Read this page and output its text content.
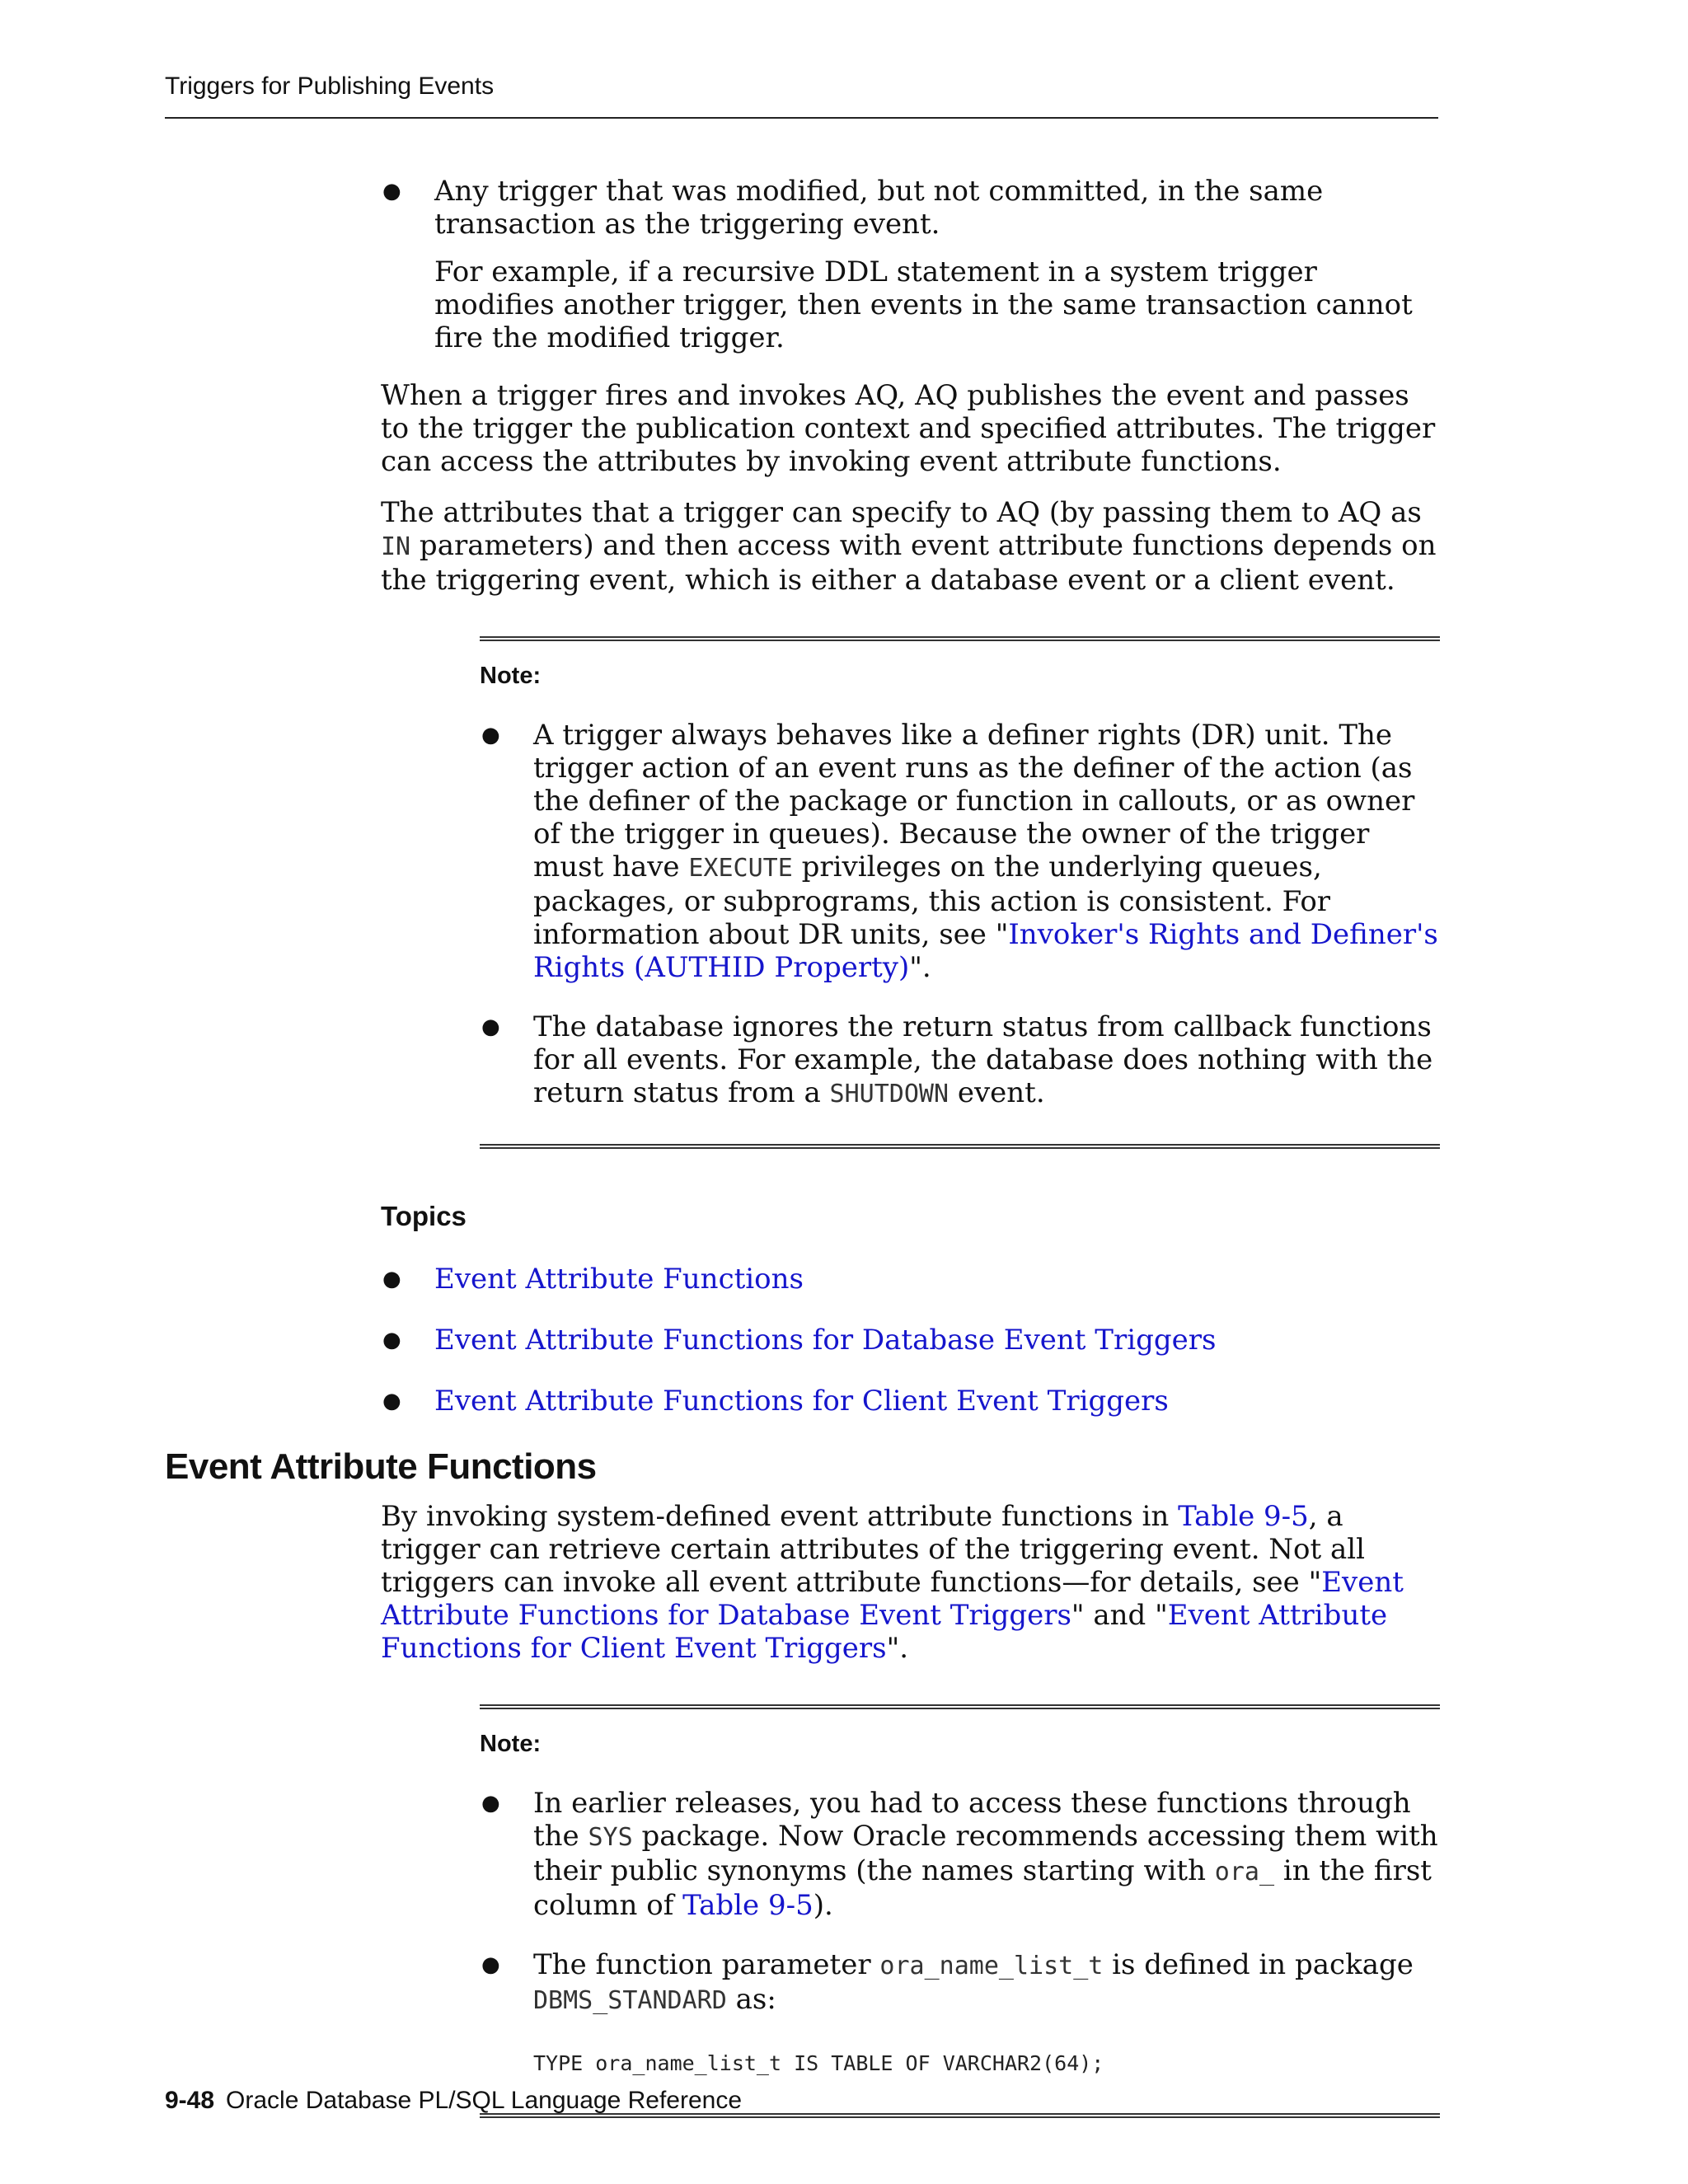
Triggers for Publishing Events
● Any trigger that was modified, but not committed, in the same transaction as the triggering event.

For example, if a recursive DDL statement in a system trigger modifies another trigger, then events in the same transaction cannot fire the modified trigger.

When a trigger fires and invokes AQ, AQ publishes the event and passes to the trigger the publication context and specified attributes. The trigger can access the attributes by invoking event attribute functions.

The attributes that a trigger can specify to AQ (by passing them to AQ as IN parameters) and then access with event attribute functions depends on the triggering event, which is either a database event or a client event.

Note:
● A trigger always behaves like a definer rights (DR) unit. The trigger action of an event runs as the definer of the action (as the definer of the package or function in callouts, or as owner of the trigger in queues). Because the owner of the trigger must have EXECUTE privileges on the underlying queues, packages, or subprograms, this action is consistent. For information about DR units, see "Invoker's Rights and Definer's Rights (AUTHID Property)".

● The database ignores the return status from callback functions for all events. For example, the database does nothing with the return status from a SHUTDOWN event.

Topics
● Event Attribute Functions
● Event Attribute Functions for Database Event Triggers
● Event Attribute Functions for Client Event Triggers
Event Attribute Functions

By invoking system-defined event attribute functions in Table 9-5, a trigger can retrieve certain attributes of the triggering event. Not all triggers can invoke all event attribute functions—for details, see "Event Attribute Functions for Database Event Triggers" and "Event Attribute Functions for Client Event Triggers".

Note:
● In earlier releases, you had to access these functions through the SYS package. Now Oracle recommends accessing them with their public synonyms (the names starting with ora_ in the first column of Table 9-5).

● The function parameter ora_name_list_t is defined in package DBMS_STANDARD as:

TYPE ora_name_list_t IS TABLE OF VARCHAR2(64);
9-48 Oracle Database PL/SQL Language Reference
